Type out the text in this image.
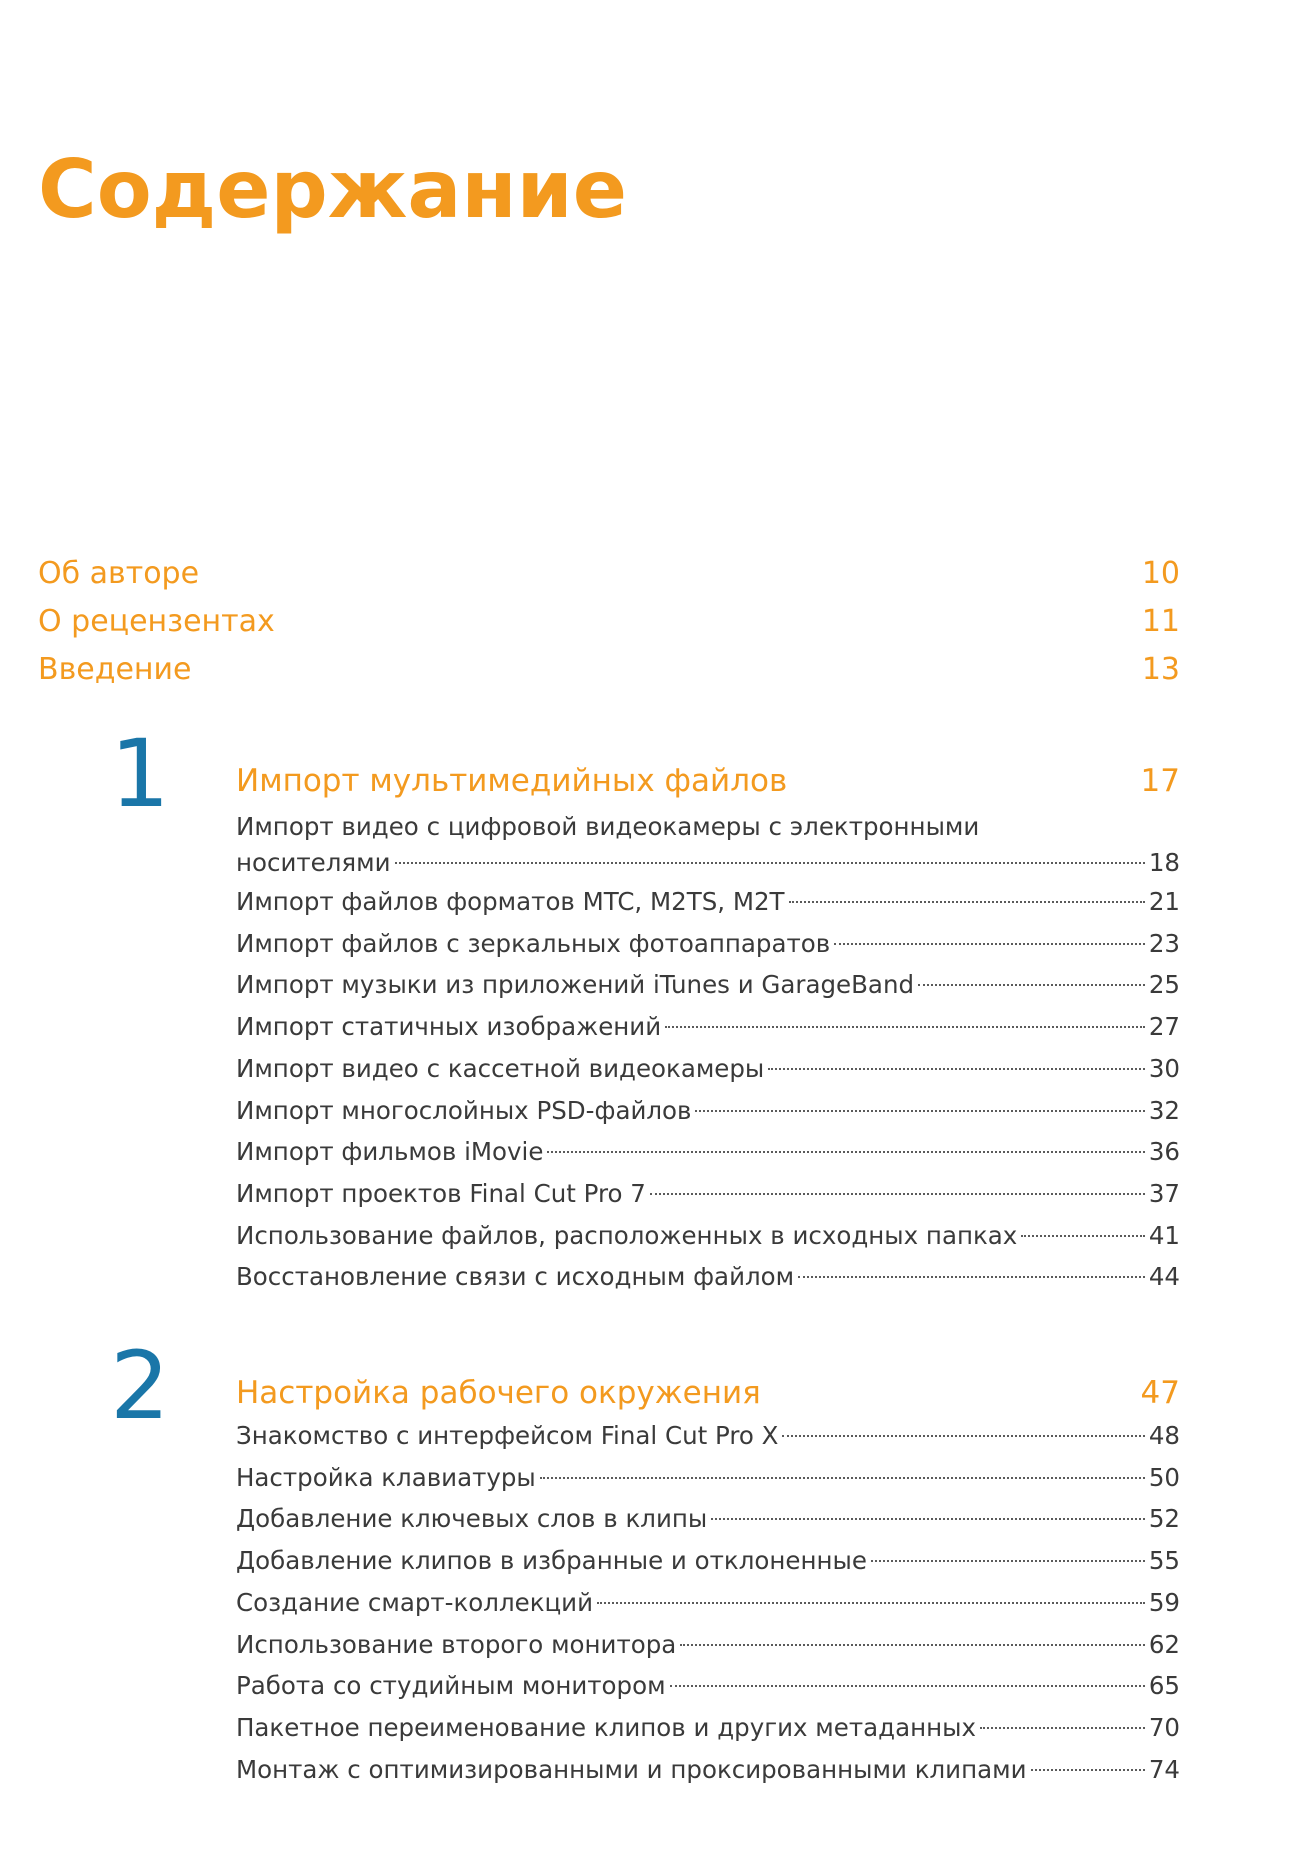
Содержание
Об авторе	10
О рецензентах	11
Введение	13
1 Импорт мультимедийных файлов	17
Импорт видео с цифровой видеокамеры с электронными
носителями	18
Импорт файлов форматов MTC, M2TS, M2T	21
Импорт файлов с зеркальных фотоаппаратов	23
Импорт музыки из приложений iTunes и GarageBand	25
Импорт статичных изображений	27
Импорт видео с кассетной видеокамеры	30
Импорт многослойных PSD-файлов	32
Импорт фильмов iMovie	36
Импорт проектов Final Cut Pro 7	37
Использование файлов, расположенных в исходных папках	41
Восстановление связи с исходным файлом	44
2 Настройка рабочего окружения	47
Знакомство с интерфейсом Final Cut Pro X	48
Настройка клавиатуры	50
Добавление ключевых слов в клипы	52
Добавление клипов в избранные и отклоненные	55
Создание смарт-коллекций	59
Использование второго монитора	62
Работа со студийным монитором	65
Пакетное переименование клипов и других метаданных	70
Монтаж с оптимизированными и проксированными клипами	74
